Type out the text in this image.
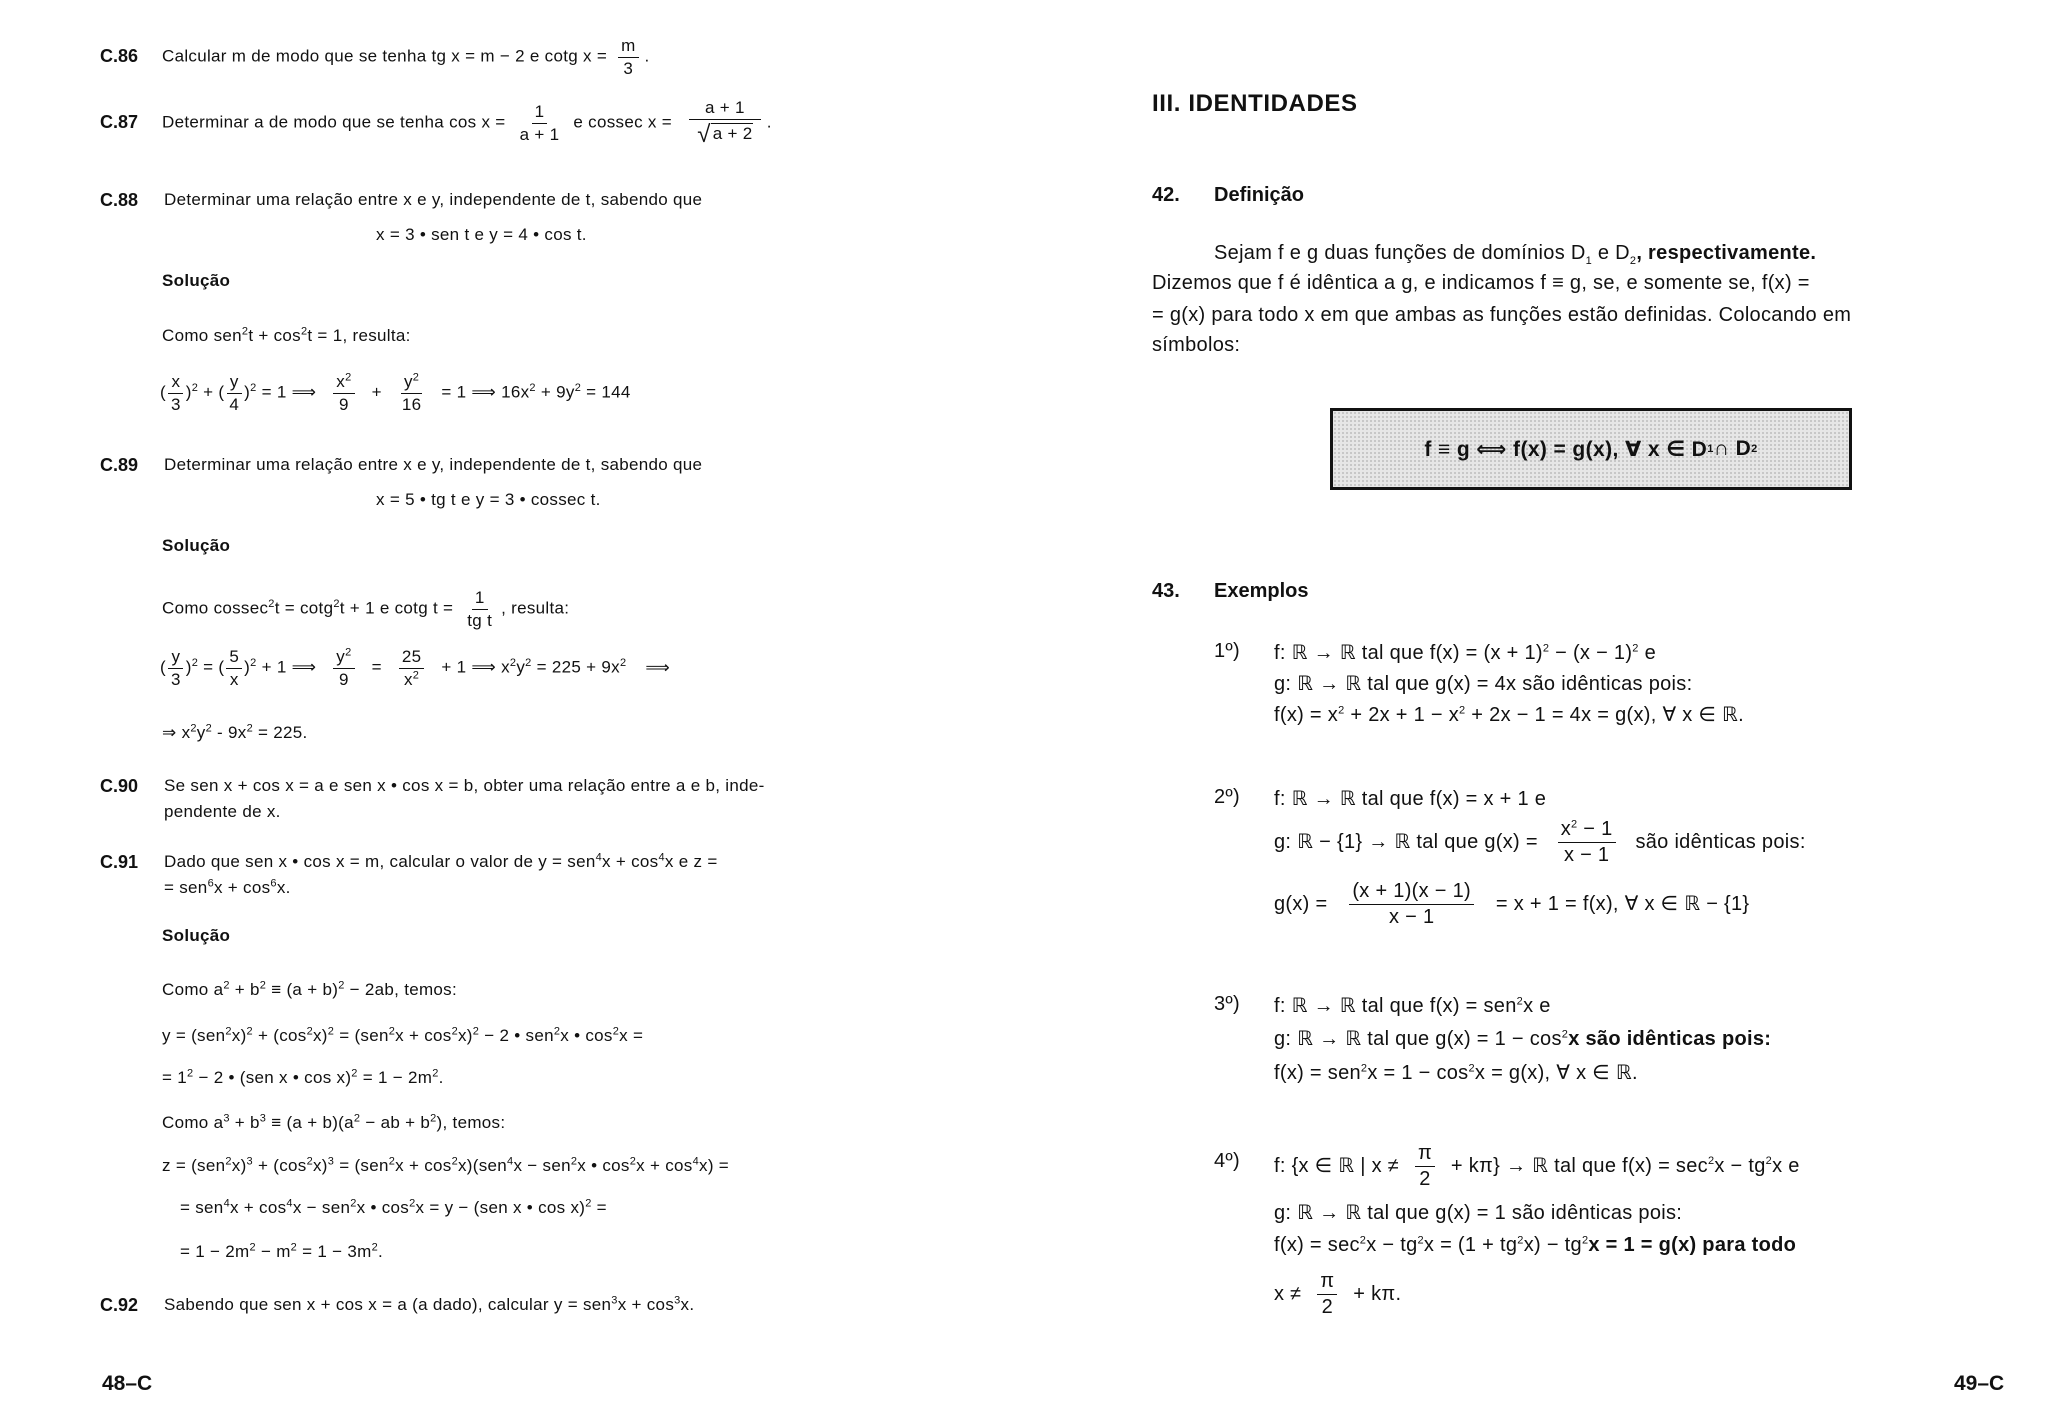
C.86 Calcular m de modo que se tenha tg x = m − 2 e cotg $x = \frac{m}{3}$ .
C.87 Determinar a de modo que se tenha $\cos x = \frac{1}{a + 1}$ e cossec $x = \frac{a + 1}{√ a + 2}$ .
C.88 Determinar uma relação entre x e y, independente de t, sabendo que
x = 3 • sen t e y = 4 • cos t.
Solução
Como $sen^2t + \cos^2t = 1$, resulta:
( $\frac{x}{3} )^2$ + ( $\frac{y}{4} )^2 = 1$ ⟹ $\frac{x^2}{9} + \frac{y^2}{16} = 1$ ⟹ $16x^2 + 9y^2 = 144$
C.89 Determinar uma relação entre x e y, independente de t, sabendo que
x = 5 • tg t e y = 3 • cossec t.
Solução
Como cossec$^2$t = cotg$^2$t + 1 e cotg $t = \frac{1}{\text{tg t}}$ , resulta:
( $\frac{y}{3} )^2$ = ( $\frac{5}{x} )^2 + 1$ ⟹ $\frac{y^2}{9} = \frac{25}{x^2} + 1$ ⟹ $x^2y^2 = 225 + 9x^2$ ⟹
⇒ $x^2y^2 - 9x^2 = 225$.
C.90 Se sen x + cos x = a e sen x • cos x = b, obter uma relação entre a e b, inde-
pendente de x.
C.91 Dado que sen x • cos x = m, calcular o valor de $y = sen^4x + \cos^4x$ e z =
= $sen^6x + \cos^6x$.
Solução
Como $a^2 + b^2 \equiv (a + b)^2 - 2ab$, temos:
$y = (sen^2x)^2 + (\cos^2x)^2 = (sen^2x + \cos^2x)^2 - 2$ • sen$^2$x • $\cos^2x$ =
= $1^2 - 2$ • (sen x • $\cos x)^2 = 1 - 2m^2$.
Como $a^3 + b^3 \equiv (a + b)(a^2$ − ab + $b^2$), temos:
$z = (sen^2x)^3 + (\cos^2x)^3 = (sen^2x + \cos^2x)(sen^4x - sen^2x$ • $\cos^2x + \cos^4x$) =
= $sen^4x + \cos^4x - sen^2x$ • $\cos^2x = y - (sen$ x • cos x)$^2$ =
= $1 - 2m^2 - m^2 = 1 - 3m^2$.
C.92 Sabendo que sen x + cos x = a (a dado), calcular $y = sen^3x + \cos^3x$.
48–C
III. IDENTIDADES
42. Definição
Sejam f e g duas funções de domínios $D_1$ e $D_2$, respectivamente.
Dizemos que f é idêntica a g, e indicamos f ≡ g, se, e somente se, f(x) =
= g(x) para todo x em que ambas as funções estão definidas. Colocando em
símbolos:
f ≡ g ⟺ f(x) = g(x), ∀ x ∈ D 1 ∩ D 2
43. Exemplos
1º) f: ℝ → ℝ tal que $f(x) = (x + 1)^2 - (x - 1)^2$ e
g: ℝ → ℝ tal que g(x) = 4x são idênticas pois:
$f(x) = x^2 + 2x + 1 - x^2 + 2x - 1 = 4x = g(x)$, ∀ x ∈ ℝ.
2º) f: ℝ → ℝ tal que f(x) = x + 1 e
g: ℝ − {1} → ℝ tal que $g(x) = \frac{x^2 - 1}{x - 1}$ são idênticas pois:
$g(x) = \frac{(x + 1)(x - 1)}{x - 1} = x + 1 = f(x)$, ∀ x ∈ ℝ − {1}
3º) f: ℝ → ℝ tal que f(x) = sen$^2$x e
g: ℝ → ℝ tal que $g(x) = 1 - \cos^2x$ são idênticas pois:
$f(x) = sen^2x = 1 - \cos^2x = g(x)$, ∀ x ∈ ℝ.
4º) f: {x ∈ ℝ | $x \ne \frac{\pi}{2} + k\pi$} → ℝ tal que $f(x) = \sec^2x - tg^2x$ e
g: ℝ → ℝ tal que g(x) = 1 são idênticas pois:
$f(x) = \sec^2x - tg^2x = (1 + tg^2x) - tg^2x = 1 = g(x)$ para todo
$x \ne \frac{\pi}{2} + k\pi$.
49–C
